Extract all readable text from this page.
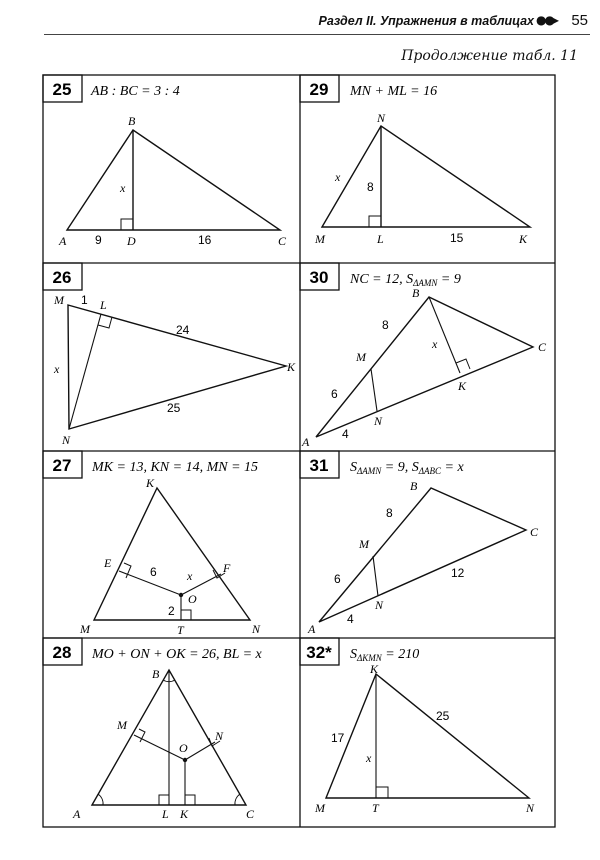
Раздел II. Упражнения в таблицах ●●▸ 55
Продолжение табл. 11
25 AB : BC = 3 : 4
B
A	D	C
x
9	16
29 MN + ML = 16
N
M	L	K
x
8
15
26
M 1 L
K
N
x
24
25
30 NC = 12, $S_{\Delta AMN} = 9$
B
C
A
M
N
K
x
8
6
4
27 MK = 13, KN = 14, MN = 15
K
M	N
E	F
O
T
x
6
2
31 $S_{\Delta AMN} = 9$, $S_{\Delta ABC} = x$
B
C
A
M
N
8
6
4
12
28 MO + ON + OK = 26, BL = x
B
A	C
M
N
O
L K
32* $S_{\Delta KMN} = 210$
K
M	T	N
x
17
25
